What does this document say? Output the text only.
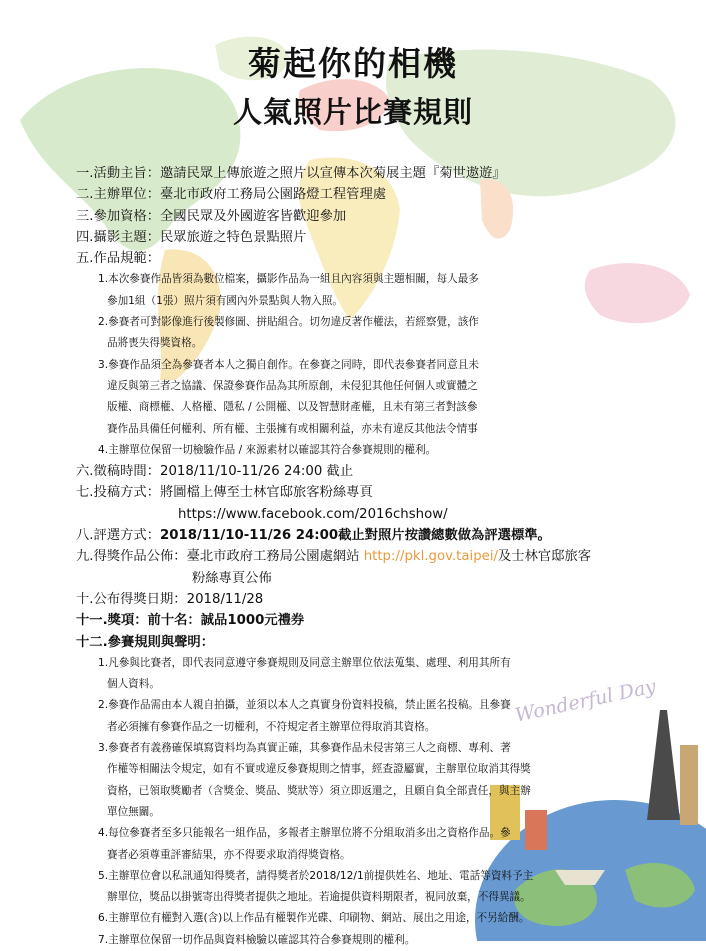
Wonderful Day
菊起你的相機
人氣照片比賽規則
一.活動主旨：邀請民眾上傳旅遊之照片以宣傳本次菊展主題『菊世遨遊』
二.主辦單位：臺北市政府工務局公園路燈工程管理處
三.參加資格：全國民眾及外國遊客皆歡迎參加
四.攝影主題：民眾旅遊之特色景點照片
五.作品規範：
1.本次參賽作品皆須為數位檔案，攝影作品為一組且內容須與主題相關，每人最多
參加1組（1張）照片須有國內外景點與人物入照。
2.參賽者可對影像進行後製修圖、拼貼組合。切勿違反著作權法，若經察覺，該作
品將喪失得獎資格。
3.參賽作品須全為參賽者本人之獨自創作。在參賽之同時，即代表參賽者同意且未
違反與第三者之協議、保證參賽作品為其所原創，未侵犯其他任何個人或實體之
版權、商標權、人格權、隱私 / 公開權、以及智慧財產權，且未有第三者對該參
賽作品具備任何權利、所有權、主張擁有或相關利益，亦未有違反其他法令情事
4.主辦單位保留一切檢驗作品 / 來源素材以確認其符合參賽規則的權利。
六.徵稿時間：2018/11/10-11/26 24:00 截止
七.投稿方式：將圖檔上傳至士林官邸旅客粉絲專頁
https://www.facebook.com/2016chshow/
八.評選方式：2018/11/10-11/26 24:00截止對照片按讚總數做為評選標準。
九.得獎作品公佈：臺北市政府工務局公園處網站 http://pkl.gov.taipei/及士林官邸旅客
粉絲專頁公佈
十.公布得獎日期：2018/11/28
十一.獎項：前十名：誠品1000元禮券
十二.參賽規則與聲明：
1.凡參與比賽者，即代表同意遵守參賽規則及同意主辦單位依法蒐集、處理、利用其所有
個人資料。
2.參賽作品需由本人親自拍攝，並須以本人之真實身份資料投稿，禁止匿名投稿。且參賽
者必須擁有參賽作品之一切權利，不符規定者主辦單位得取消其資格。
3.參賽者有義務確保填寫資料均為真實正確，其參賽作品未侵害第三人之商標、專利、著
作權等相關法令規定，如有不實或違反參賽規則之情事，經查證屬實，主辦單位取消其得獎
資格，已領取獎勵者（含獎金、獎品、獎狀等）須立即返還之，且願自負全部責任，與主辦
單位無關。
4.每位參賽者至多只能報名一組作品，多報者主辦單位將不分組取消多出之資格作品。參
賽者必須尊重評審結果，亦不得要求取消得獎資格。
5.主辦單位會以私訊通知得獎者，請得獎者於2018/12/1前提供姓名、地址、電話等資料予主
辦單位，獎品以掛號寄出得獎者提供之地址。若逾提供資料期限者，視同放棄，不得異議。
6.主辦單位有權對入選(含)以上作品有權製作光碟、印刷物、網站、展出之用途，不另給酬。
7.主辦單位保留一切作品與資料檢驗以確認其符合參賽規則的權利。
